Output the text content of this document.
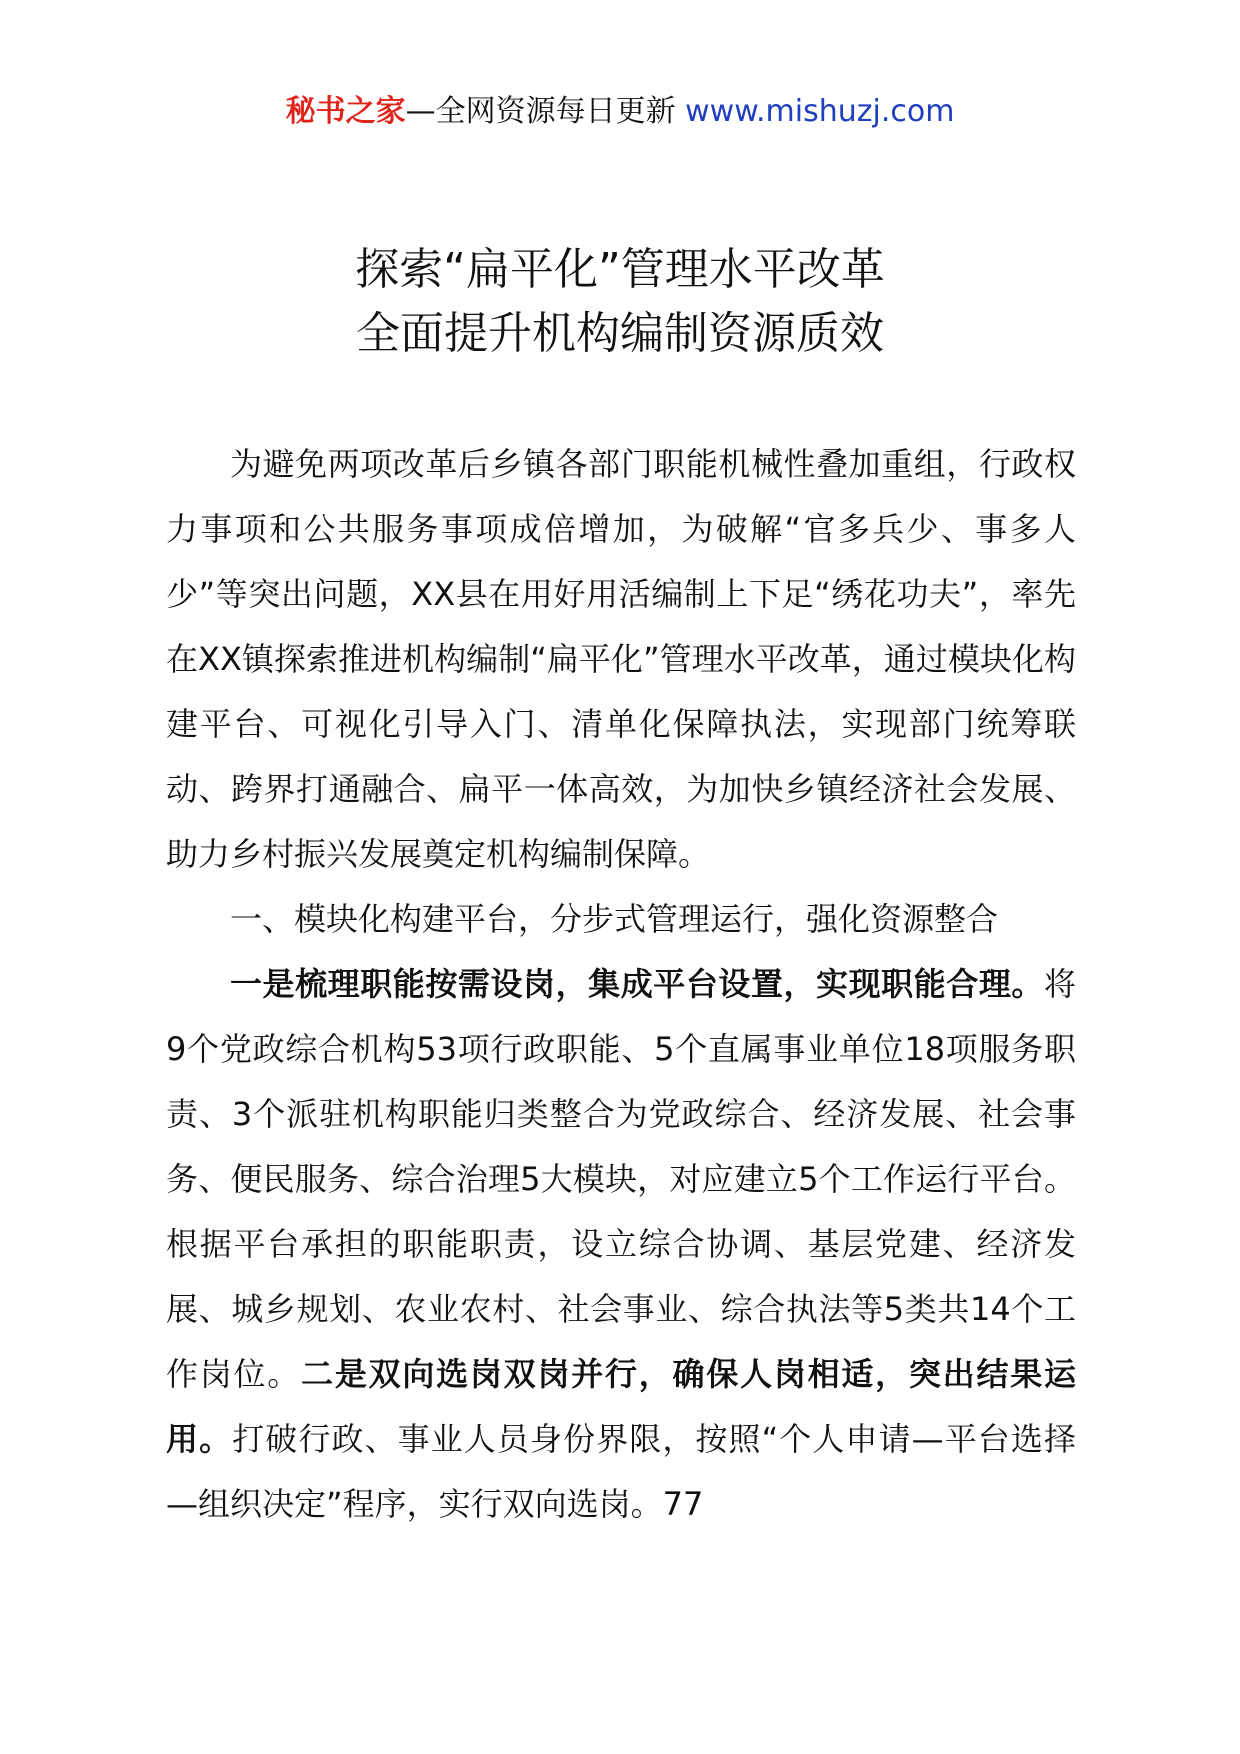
秘书之家—全网资源每日更新 www.mishuzj.com
探索“扁平化”管理水平改革
全面提升机构编制资源质效

为避免两项改革后乡镇各部门职能机械性叠加重组，行政权力事项和公共服务事项成倍增加，为破解“官多兵少、事多人少”等突出问题，XX县在用好用活编制上下足“绣花功夫”，率先在XX镇探索推进机构编制“扁平化”管理水平改革，通过模块化构建平台、可视化引导入门、清单化保障执法，实现部门统筹联动、跨界打通融合、扁平一体高效，为加快乡镇经济社会发展、助力乡村振兴发展奠定机构编制保障。

一、模块化构建平台，分步式管理运行，强化资源整合

一是梳理职能按需设岗，集成平台设置，实现职能合理。将9个党政综合机构53项行政职能、5个直属事业单位18项服务职责、3个派驻机构职能归类整合为党政综合、经济发展、社会事务、便民服务、综合治理5大模块，对应建立5个工作运行平台。根据平台承担的职能职责，设立综合协调、基层党建、经济发展、城乡规划、农业农村、社会事业、综合执法等5类共14个工作岗位。二是双向选岗双岗并行，确保人岗相适，突出结果运用。打破行政、事业人员身份界限，按照“个人申请—平台选择—组织决定”程序，实行双向选岗。77
